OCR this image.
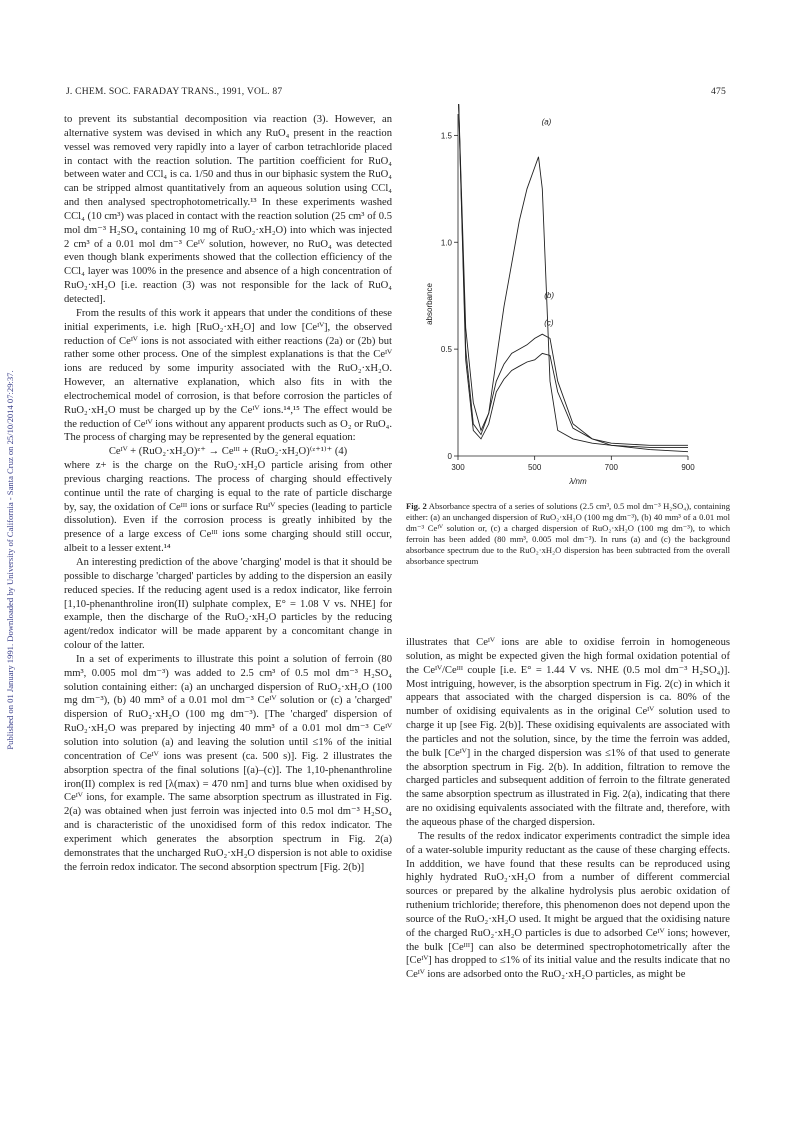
J. CHEM. SOC. FARADAY TRANS., 1991, VOL. 87	475
Published on 01 January 1991. Downloaded by University of California - Santa Cruz on 25/10/2014 07:29:37.

to prevent its substantial decomposition via reaction (3). However, an alternative system was devised in which any RuO₄ present in the reaction vessel was removed very rapidly into a layer of carbon tetrachloride placed in contact with the reaction solution. The partition coefficient for RuO₄ between water and CCl₄ is ca. 1/50 and thus in our biphasic system the RuO₄ can be stripped almost quantitatively from an aqueous solution using CCl₄ and then analysed spectrophotometrically.¹³ In these experiments washed CCl₄ (10 cm³) was placed in contact with the reaction solution (25 cm³ of 0.5 mol dm⁻³ H₂SO₄ containing 10 mg of RuO₂·xH₂O) into which was injected 2 cm³ of a 0.01 mol dm⁻³ Ceᴵⱽ solution, however, no RuO₄ was detected even though blank experiments showed that the collection efficiency of the CCl₄ layer was 100% in the presence and absence of a high concentration of RuO₂·xH₂O [i.e. reaction (3) was not responsible for the lack of RuO₄ detected].

From the results of this work it appears that under the conditions of these initial experiments, i.e. high [RuO₂·xH₂O] and low [Ceᴵⱽ], the observed reduction of Ceᴵⱽ ions is not associated with either reactions (2a) or (2b) but rather some other process. One of the simplest explanations is that the Ceᴵⱽ ions are reduced by some impurity associated with the RuO₂·xH₂O. However, an alternative explanation, which also fits in with the electrochemical model of corrosion, is that before corrosion the particles of RuO₂·xH₂O must be charged up by the Ceᴵⱽ ions.¹⁴,¹⁵ The effect would be the reduction of Ceᴵⱽ ions without any apparent products such as O₂ or RuO₄. The process of charging may be represented by the general equation:

Ceᴵⱽ + (RuO₂·xH₂O)ᶻ⁺ → Ceᴵᴵᴵ + (RuO₂·xH₂O)⁽ᶻ⁺¹⁾⁺ (4)

where z+ is the charge on the RuO₂·xH₂O particle arising from other previous charging reactions. The process of charging should effectively continue until the rate of charging is equal to the rate of particle discharge by, say, the oxidation of Ceᴵᴵᴵ ions or surface Ruᴵⱽ species (leading to particle dissolution). Even if the corrosion process is greatly inhibited by the presence of a large excess of Ceᴵᴵᴵ ions some charging should still occur, albeit to a lesser extent.¹⁴

An interesting prediction of the above 'charging' model is that it should be possible to discharge 'charged' particles by adding to the dispersion an easily reduced species. If the reducing agent used is a redox indicator, like ferroin [1,10-phenanthroline iron(II) sulphate complex, E° = 1.08 V vs. NHE] for example, then the discharge of the RuO₂·xH₂O particles by the reducing agent/redox indicator will be made apparent by a concomitant change in colour of the latter.

In a set of experiments to illustrate this point a solution of ferroin (80 mm³, 0.005 mol dm⁻³) was added to 2.5 cm³ of 0.5 mol dm⁻³ H₂SO₄ solution containing either: (a) an uncharged dispersion of RuO₂·xH₂O (100 mg dm⁻³), (b) 40 mm³ of a 0.01 mol dm⁻³ Ceᴵⱽ solution or (c) a 'charged' dispersion of RuO₂·xH₂O (100 mg dm⁻³). [The 'charged' dispersion of RuO₂·xH₂O was prepared by injecting 40 mm³ of a 0.01 mol dm⁻³ Ceᴵⱽ solution into solution (a) and leaving the solution until ≤1% of the initial concentration of Ceᴵⱽ ions was present (ca. 500 s)]. Fig. 2 illustrates the absorption spectra of the final solutions [(a)–(c)]. The 1,10-phenanthroline iron(II) complex is red [λ(max) = 470 nm] and turns blue when oxidised by Ceᴵⱽ ions, for example. The same absorption spectrum as illustrated in Fig. 2(a) was obtained when just ferroin was injected into 0.5 mol dm⁻³ H₂SO₄ and is characteristic of the unoxidised form of this redox indicator. The experiment which generates the absorption spectrum in Fig. 2(a) demonstrates that the uncharged RuO₂·xH₂O dispersion is not able to oxidise the ferroin redox indicator. The second absorption spectrum [Fig. 2(b)]

300	500	700	900
0
0.5
1.0
1.5
(a)
(b)
(c)
absorbance
λ/nm
Fig. 2 Absorbance spectra of a series of solutions (2.5 cm³, 0.5 mol dm⁻³ H₂SO₄), containing either: (a) an unchanged dispersion of RuO₂·xH₂O (100 mg dm⁻³), (b) 40 mm³ of a 0.01 mol dm⁻³ Ceᴵⱽ solution or, (c) a charged dispersion of RuO₂·xH₂O (100 mg dm⁻³), to which ferroin has been added (80 mm³, 0.005 mol dm⁻³). In runs (a) and (c) the background absorbance spectrum due to the RuO₂·xH₂O dispersion has been subtracted from the overall absorbance spectrum

illustrates that Ceᴵⱽ ions are able to oxidise ferroin in homogeneous solution, as might be expected given the high formal oxidation potential of the Ceᴵⱽ/Ceᴵᴵᴵ couple [i.e. E° = 1.44 V vs. NHE (0.5 mol dm⁻³ H₂SO₄)]. Most intriguing, however, is the absorption spectrum in Fig. 2(c) in which it appears that associated with the charged dispersion is ca. 80% of the number of oxidising equivalents as in the original Ceᴵⱽ solution used to charge it up [see Fig. 2(b)]. These oxidising equivalents are associated with the particles and not the solution, since, by the time the ferroin was added, the bulk [Ceᴵⱽ] in the charged dispersion was ≤1% of that used to generate the absorption spectrum in Fig. 2(b). In addition, filtration to remove the charged particles and subsequent addition of ferroin to the filtrate generated the same absorption spectrum as illustrated in Fig. 2(a), indicating that there are no oxidising equivalents associated with the filtrate and, therefore, with the aqueous phase of the charged dispersion.

The results of the redox indicator experiments contradict the simple idea of a water-soluble impurity reductant as the cause of these charging effects. In adddition, we have found that these results can be reproduced using highly hydrated RuO₂·xH₂O from a number of different commercial sources or prepared by the alkaline hydrolysis plus aerobic oxidation of ruthenium trichloride; therefore, this phenomenon does not depend upon the source of the RuO₂·xH₂O used. It might be argued that the oxidising nature of the charged RuO₂·xH₂O particles is due to adsorbed Ceᴵⱽ ions; however, the bulk [Ceᴵᴵᴵ] can also be determined spectrophotometrically after the [Ceᴵⱽ] has dropped to ≤1% of its initial value and the results indicate that no Ceᴵⱽ ions are adsorbed onto the RuO₂·xH₂O particles, as might be
